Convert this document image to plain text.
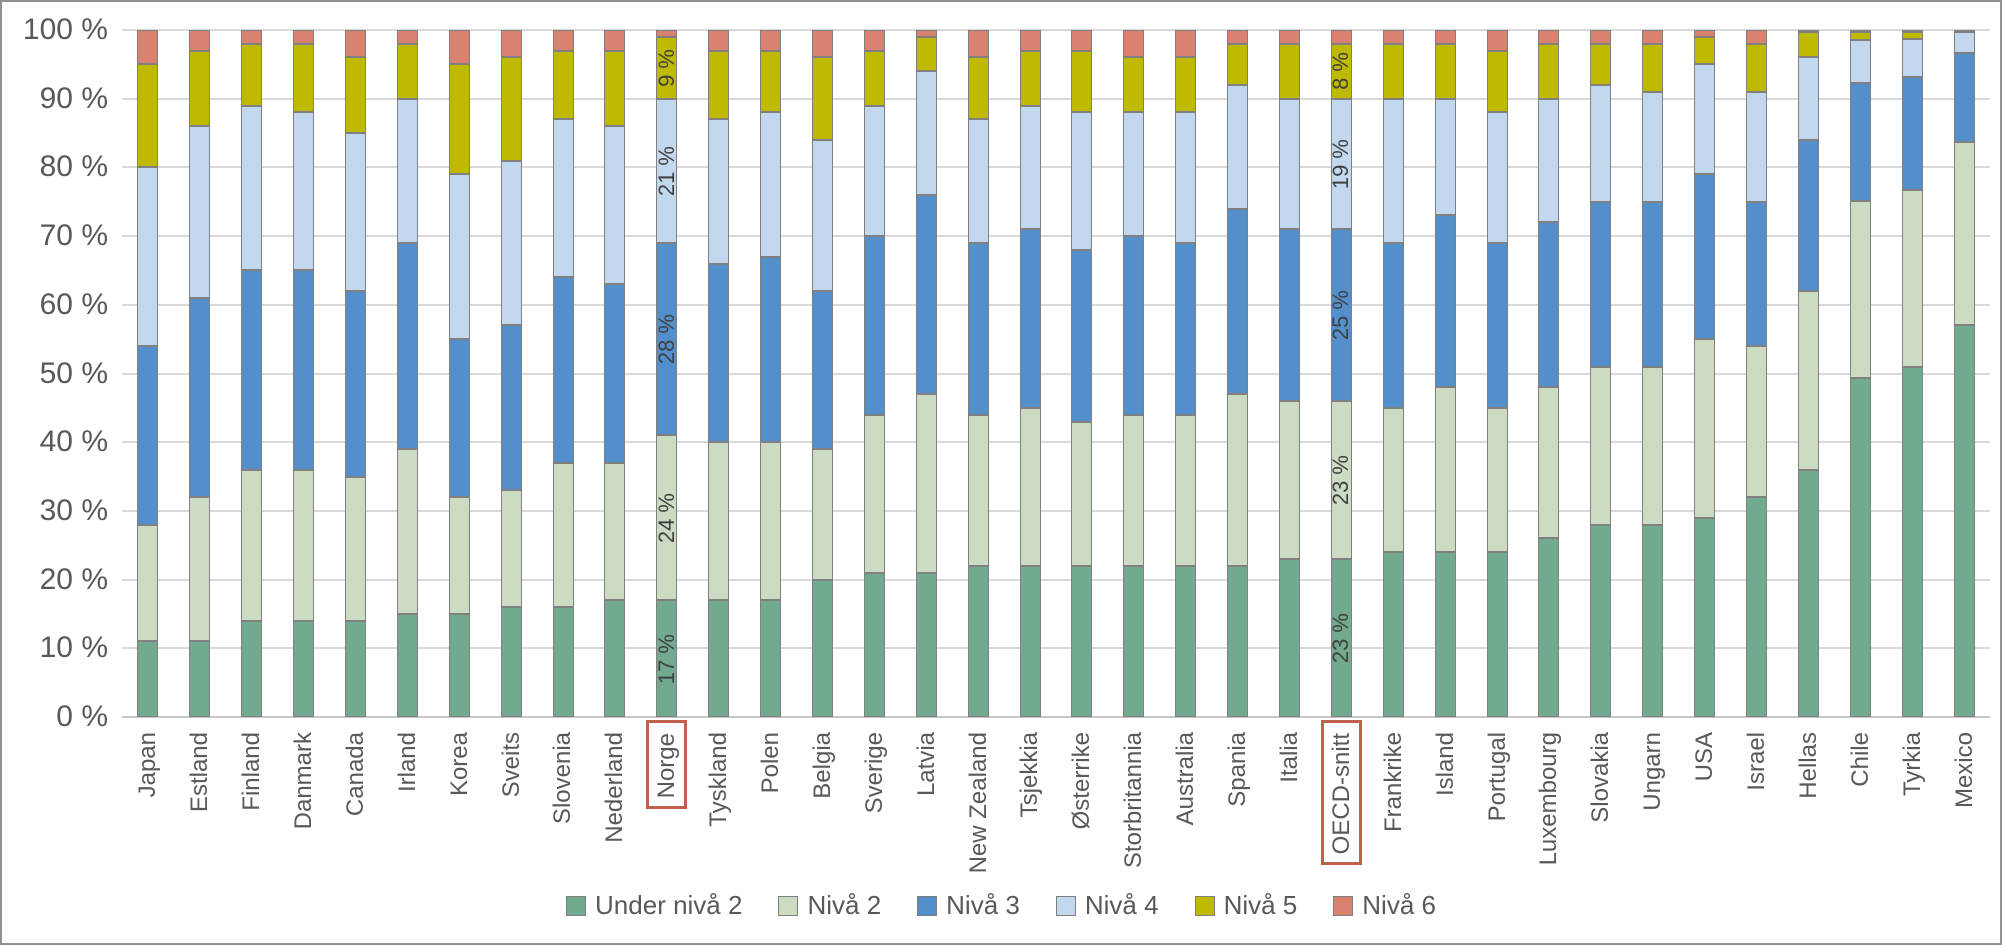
100 %
90 %
80 %
70 %
60 %
50 %
40 %
30 %
20 %
10 %
0 %
9 %
21 %
28 %
24 %
17 %
8 %
19 %
25 %
23 %
23 %
Japan Estland Finland Danmark Canada Irland Korea Sveits Slovenia Nederland Norge Tyskland Polen Belgia Sverige Latvia New Zealand Tsjekkia Østerrike Storbritannia Australia Spania Italia OECD-snitt Frankrike Island Portugal Luxembourg Slovakia Ungarn USA Israel Hellas Chile Tyrkia Mexico
Under nivå 2	Nivå 2	Nivå 3	Nivå 4	Nivå 5	Nivå 6
